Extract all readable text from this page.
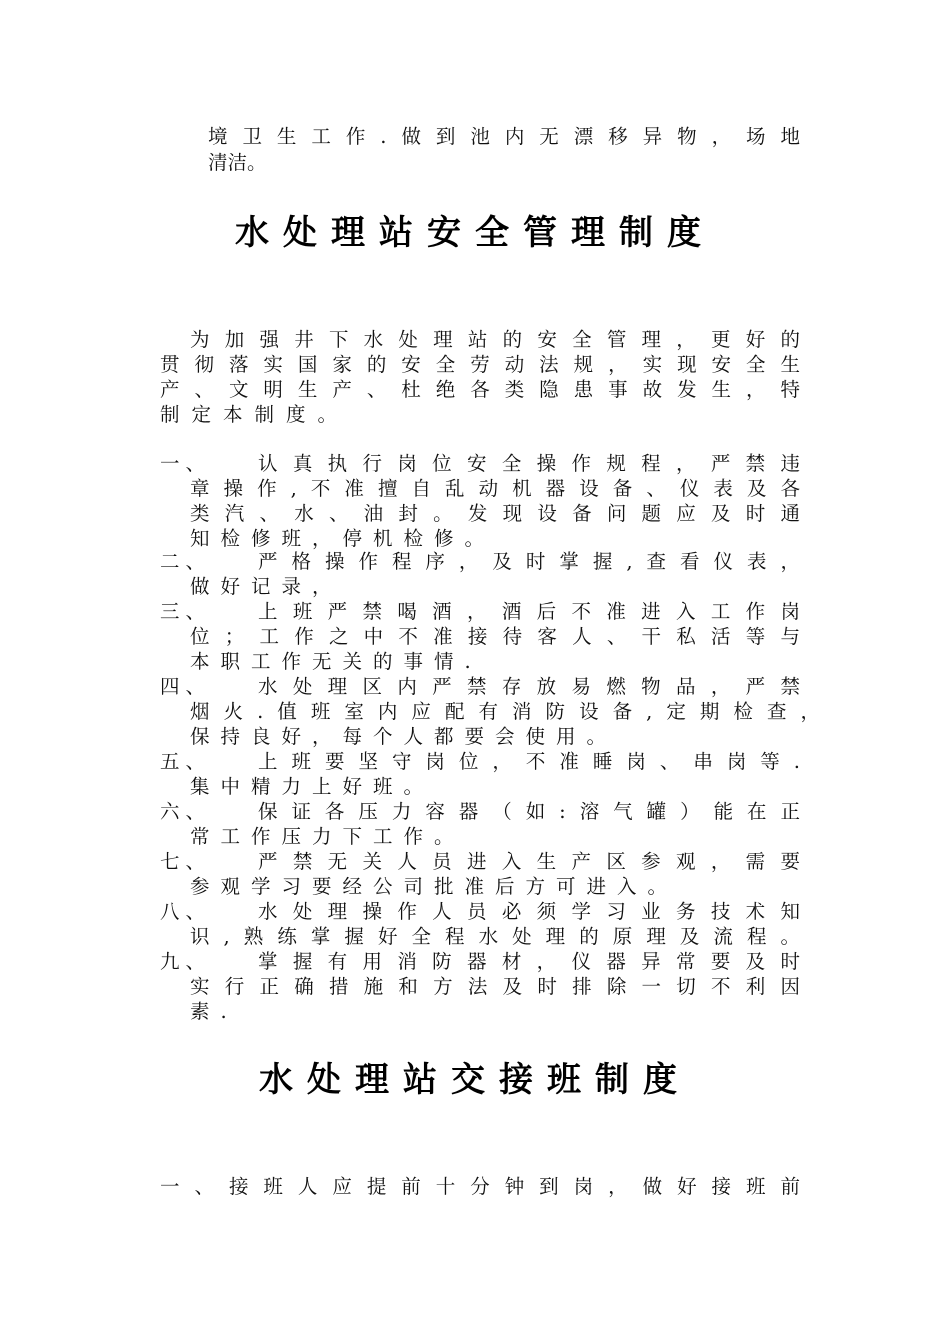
境卫生工作.做到池内无漂移异物，场地
清洁。
水处理站安全管理制度
为加强井下水处理站的安全管理，更好的
贯彻落实国家的安全劳动法规，实现安全生
产、文明生产、杜绝各类隐患事故发生，特
制定本制度。
一、	认真执行岗位安全操作规程，严禁违
章操作,不准擅自乱动机器设备、仪表及各
类汽、水、油封。发现设备问题应及时通
知检修班，停机检修。
二、	严格操作程序，及时掌握,查看仪表，
做好记录，
三、	上班严禁喝酒，酒后不准进入工作岗
位；工作之中不准接待客人、干私活等与
本职工作无关的事情.
四、	水处理区内严禁存放易燃物品，严禁
烟火.值班室内应配有消防设备,定期检查，
保持良好，每个人都要会使用。
五、	上班要坚守岗位，不准睡岗、串岗等.
集中精力上好班。
六、	保证各压力容器（如:溶气罐）能在正
常工作压力下工作。
七、	严禁无关人员进入生产区参观，需要
参观学习要经公司批准后方可进入。
八、	水处理操作人员必须学习业务技术知
识,熟练掌握好全程水处理的原理及流程。
九、	掌握有用消防器材，仪器异常要及时
实行正确措施和方法及时排除一切不利因
素.
水处理站交接班制度
一、接班人应提前十分钟到岗，做好接班前
